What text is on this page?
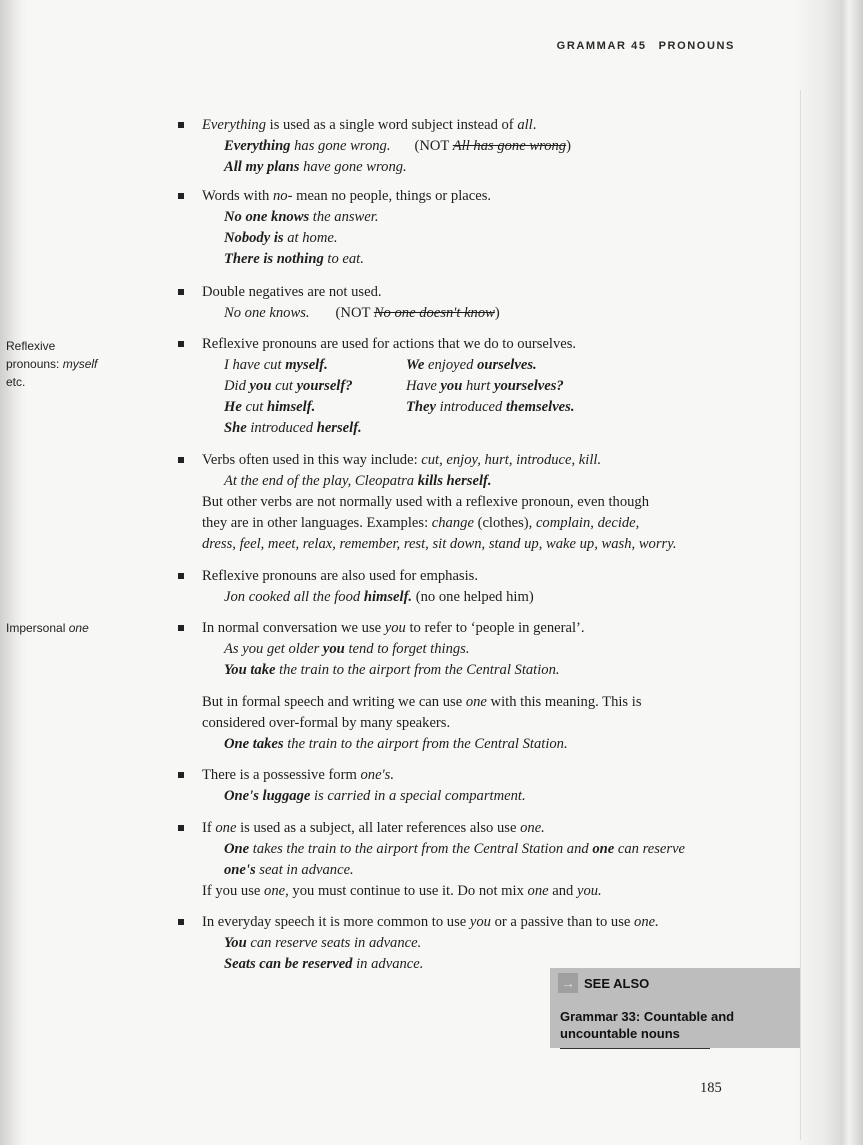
GRAMMAR 45 PRONOUNS
Reflexive
pronouns: myself
etc.
Impersonal one
Everything is used as a single word subject instead of all.
Everything has gone wrong. (NOT All has gone wrong)
All my plans have gone wrong.
Words with no- mean no people, things or places.
No one knows the answer.
Nobody is at home.
There is nothing to eat.
Double negatives are not used.
No one knows. (NOT No one doesn't know)
Reflexive pronouns are used for actions that we do to ourselves.
I have cut myself.	We enjoyed ourselves.
Did you cut yourself?	Have you hurt yourselves?
He cut himself.	They introduced themselves.
She introduced herself.
Verbs often used in this way include: cut, enjoy, hurt, introduce, kill.
At the end of the play, Cleopatra kills herself.
But other verbs are not normally used with a reflexive pronoun, even though
they are in other languages. Examples: change (clothes), complain, decide,
dress, feel, meet, relax, remember, rest, sit down, stand up, wake up, wash, worry.
Reflexive pronouns are also used for emphasis.
Jon cooked all the food himself. (no one helped him)
In normal conversation we use you to refer to ‘people in general’.
As you get older you tend to forget things.
You take the train to the airport from the Central Station.
But in formal speech and writing we can use one with this meaning. This is
considered over-formal by many speakers.
One takes the train to the airport from the Central Station.
There is a possessive form one's.
One's luggage is carried in a special compartment.
If one is used as a subject, all later references also use one.
One takes the train to the airport from the Central Station and one can reserve
one's seat in advance.
If you use one, you must continue to use it. Do not mix one and you.
In everyday speech it is more common to use you or a passive than to use one.
You can reserve seats in advance.
Seats can be reserved in advance.
→ SEE ALSO
Grammar 33: Countable and
uncountable nouns
185
